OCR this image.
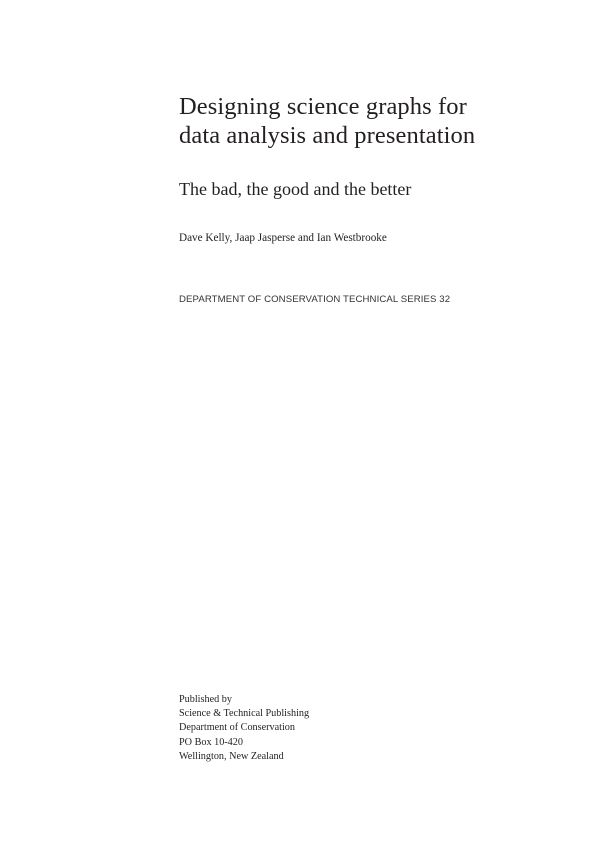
Designing science graphs for
data analysis and presentation
The bad, the good and the better
Dave Kelly, Jaap Jasperse and Ian Westbrooke
DEPARTMENT OF CONSERVATION TECHNICAL SERIES 32
Published by
Science & Technical Publishing
Department of Conservation
PO Box 10-420
Wellington, New Zealand
